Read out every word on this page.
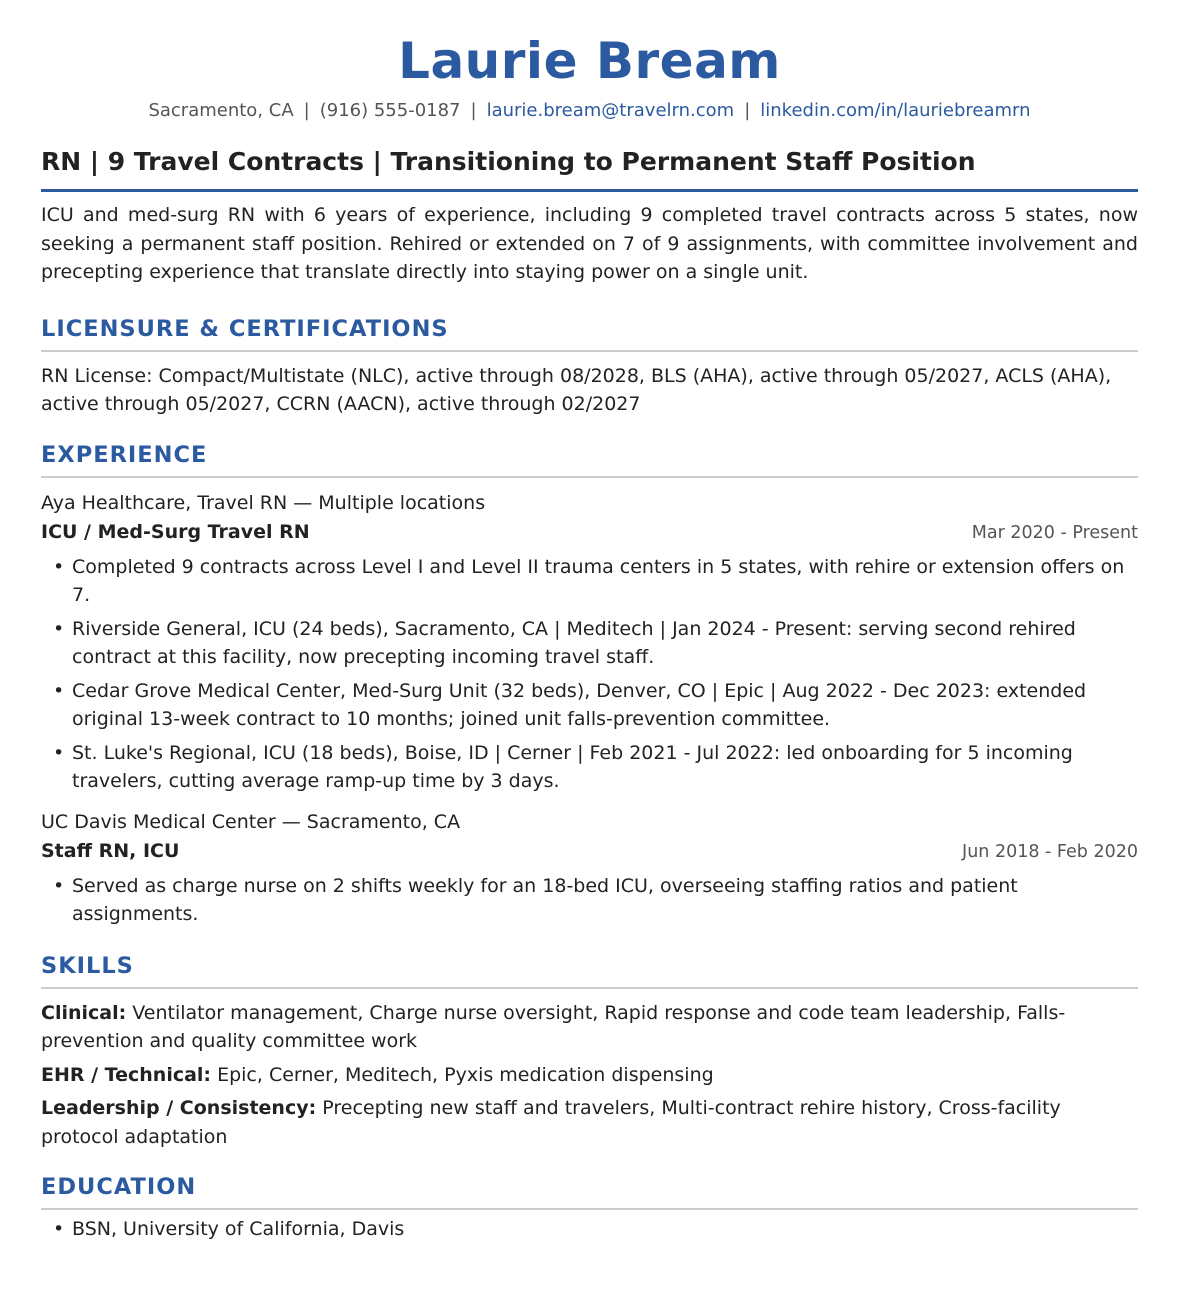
Laurie Bream
Sacramento, CA | (916) 555-0187 | laurie.bream@travelrn.com | linkedin.com/in/lauriebreamrn
RN | 9 Travel Contracts | Transitioning to Permanent Staff Position
ICU and med-surg RN with 6 years of experience, including 9 completed travel contracts across 5 states, now seeking a permanent staff position. Rehired or extended on 7 of 9 assignments, with committee involvement and precepting experience that translate directly into staying power on a single unit.
LICENSURE & CERTIFICATIONS
RN License: Compact/Multistate (NLC), active through 08/2028, BLS (AHA), active through 05/2027, ACLS (AHA), active through 05/2027, CCRN (AACN), active through 02/2027
EXPERIENCE
Aya Healthcare, Travel RN — Multiple locations
ICU / Med-Surg Travel RN	Mar 2020 - Present
• Completed 9 contracts across Level I and Level II trauma centers in 5 states, with rehire or extension offers on 7.
• Riverside General, ICU (24 beds), Sacramento, CA | Meditech | Jan 2024 - Present: serving second rehired contract at this facility, now precepting incoming travel staff.
• Cedar Grove Medical Center, Med-Surg Unit (32 beds), Denver, CO | Epic | Aug 2022 - Dec 2023: extended original 13-week contract to 10 months; joined unit falls-prevention committee.
• St. Luke's Regional, ICU (18 beds), Boise, ID | Cerner | Feb 2021 - Jul 2022: led onboarding for 5 incoming travelers, cutting average ramp-up time by 3 days.
UC Davis Medical Center — Sacramento, CA
Staff RN, ICU	Jun 2018 - Feb 2020
• Served as charge nurse on 2 shifts weekly for an 18-bed ICU, overseeing staffing ratios and patient assignments.
SKILLS
Clinical: Ventilator management, Charge nurse oversight, Rapid response and code team leadership, Falls-prevention and quality committee work
EHR / Technical: Epic, Cerner, Meditech, Pyxis medication dispensing
Leadership / Consistency: Precepting new staff and travelers, Multi-contract rehire history, Cross-facility protocol adaptation
EDUCATION
• BSN, University of California, Davis
